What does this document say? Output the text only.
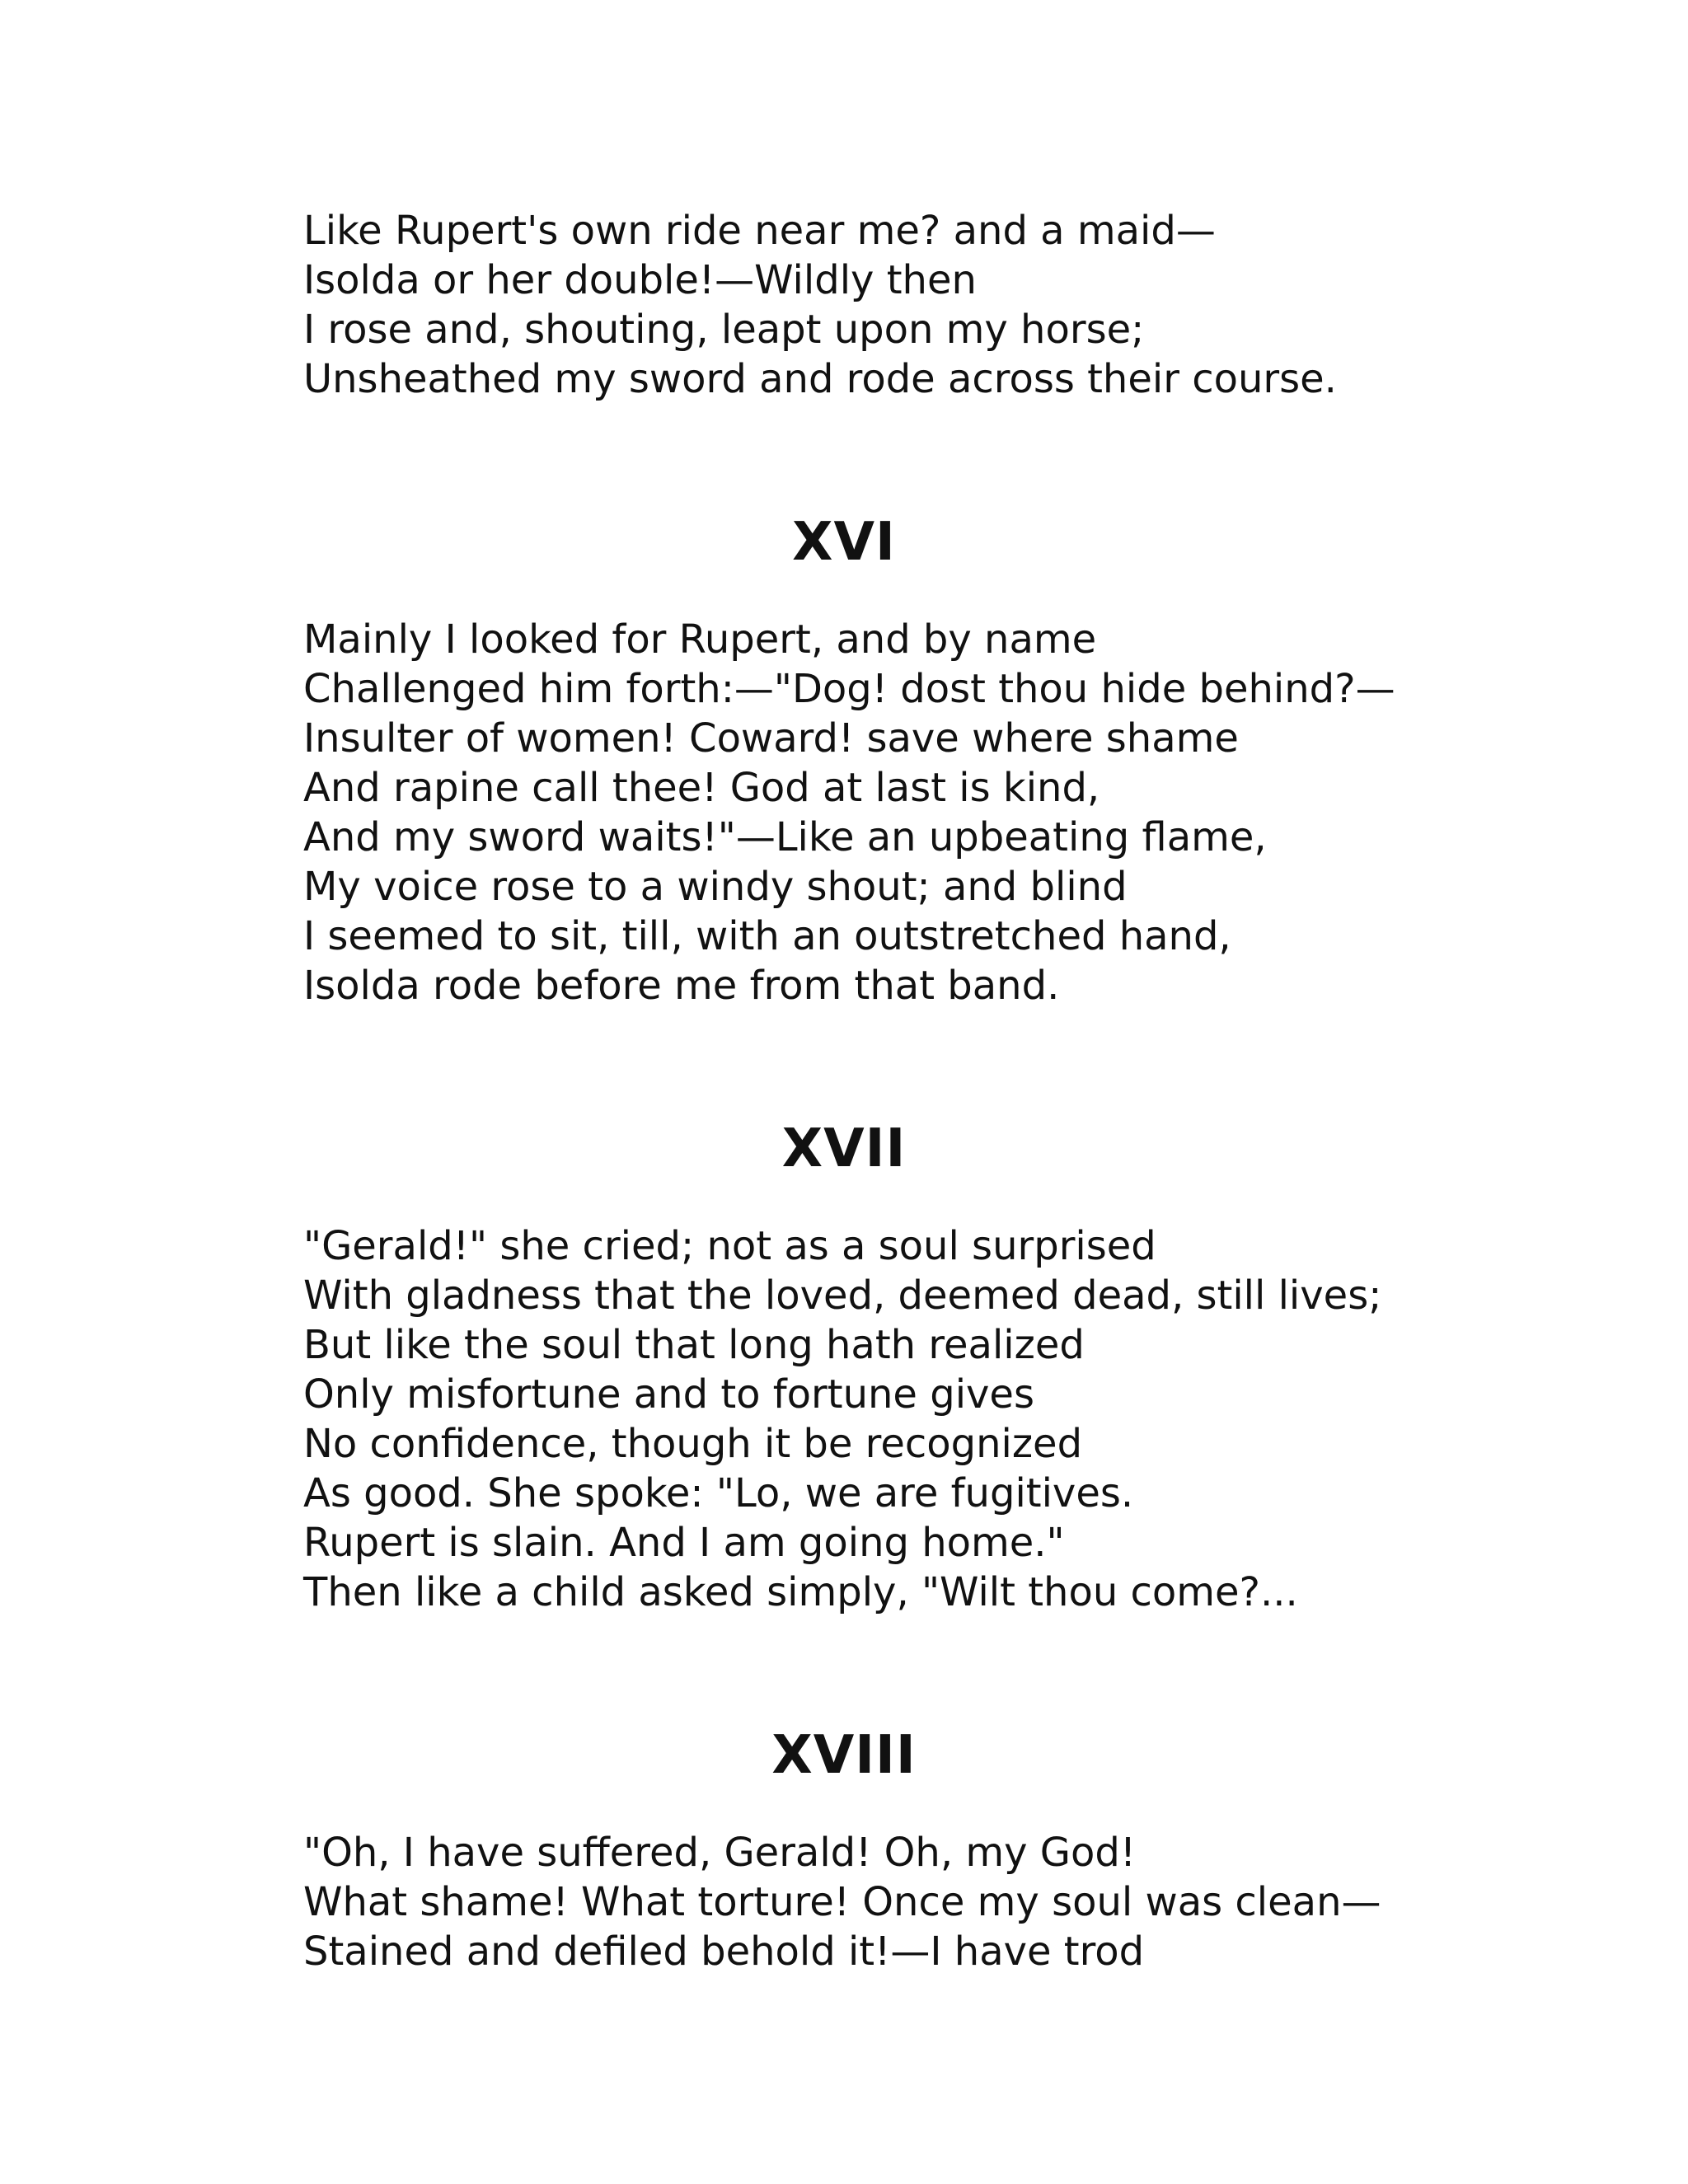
Like Rupert's own ride near me? and a maid—
Isolda or her double!—Wildly then
I rose and, shouting, leapt upon my horse;
Unsheathed my sword and rode across their course.
XVI
Mainly I looked for Rupert, and by name
Challenged him forth:—"Dog! dost thou hide behind?—
Insulter of women! Coward! save where shame
And rapine call thee! God at last is kind,
And my sword waits!"—Like an upbeating flame,
My voice rose to a windy shout; and blind
I seemed to sit, till, with an outstretched hand,
Isolda rode before me from that band.
XVII
"Gerald!" she cried; not as a soul surprised
With gladness that the loved, deemed dead, still lives;
But like the soul that long hath realized
Only misfortune and to fortune gives
No confidence, though it be recognized
As good. She spoke: "Lo, we are fugitives.
Rupert is slain. And I am going home."
Then like a child asked simply, "Wilt thou come?...
XVIII
"Oh, I have suffered, Gerald! Oh, my God!
What shame! What torture! Once my soul was clean—
Stained and defiled behold it!—I have trod
